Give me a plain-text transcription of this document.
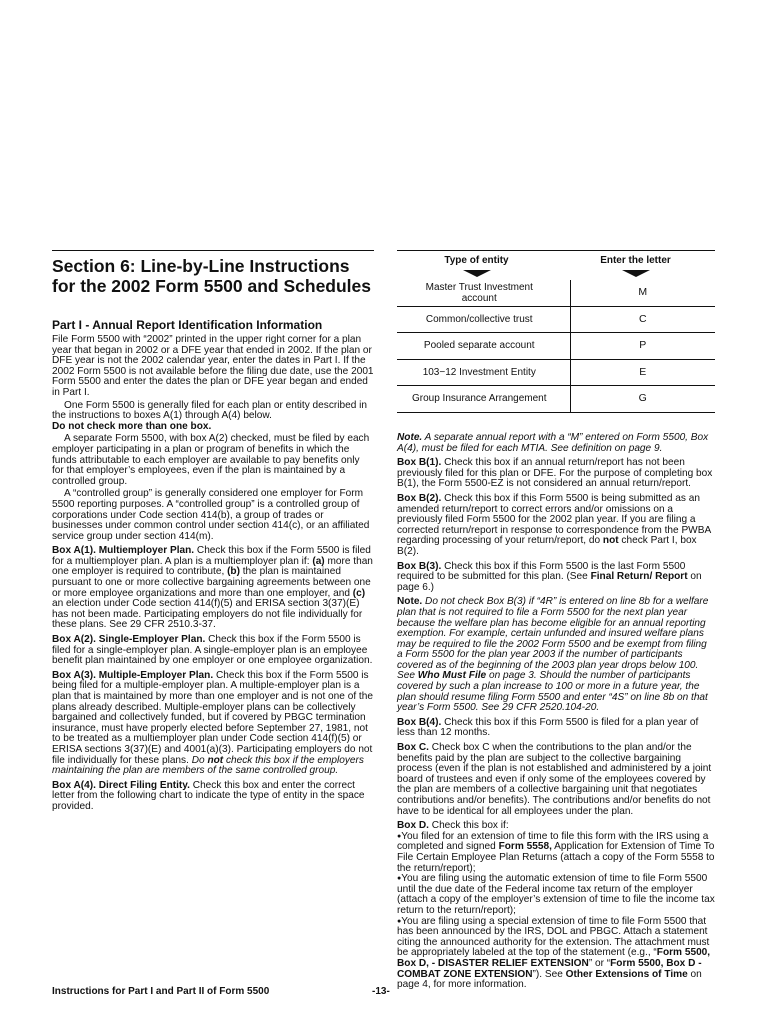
Section 6: Line-by-Line Instructions for the 2002 Form 5500 and Schedules
Part I - Annual Report Identification Information

File Form 5500 with “2002” printed in the upper right corner for a plan year that began in 2002 or a DFE year that ended in 2002. If the plan or DFE year is not the 2002 calendar year, enter the dates in Part I. If the 2002 Form 5500 is not available before the filing due date, use the 2001 Form 5500 and enter the dates the plan or DFE year began and ended in Part I.

One Form 5500 is generally filed for each plan or entity described in the instructions to boxes A(1) through A(4) below.

Do not check more than one box.

A separate Form 5500, with box A(2) checked, must be filed by each employer participating in a plan or program of benefits in which the funds attributable to each employer are available to pay benefits only for that employer’s employees, even if the plan is maintained by a controlled group.

A “controlled group” is generally considered one employer for Form 5500 reporting purposes. A “controlled group” is a controlled group of corporations under Code section 414(b), a group of trades or businesses under common control under section 414(c), or an affiliated service group under section 414(m).

Box A(1). Multiemployer Plan. Check this box if the Form 5500 is filed for a multiemployer plan. A plan is a multiemployer plan if: (a) more than one employer is required to contribute, (b) the plan is maintained pursuant to one or more collective bargaining agreements between one or more employee organizations and more than one employer, and (c) an election under Code section 414(f)(5) and ERISA section 3(37)(E) has not been made. Participating employers do not file individually for these plans. See 29 CFR 2510.3-37.

Box A(2). Single-Employer Plan. Check this box if the Form 5500 is filed for a single-employer plan. A single-employer plan is an employee benefit plan maintained by one employer or one employee organization.

Box A(3). Multiple-Employer Plan. Check this box if the Form 5500 is being filed for a multiple-employer plan. A multiple-employer plan is a plan that is maintained by more than one employer and is not one of the plans already described. Multiple-employer plans can be collectively bargained and collectively funded, but if covered by PBGC termination insurance, must have properly elected before September 27, 1981, not to be treated as a multiemployer plan under Code section 414(f)(5) or ERISA sections 3(37)(E) and 4001(a)(3). Participating employers do not file individually for these plans. Do not check this box if the employers maintaining the plan are members of the same controlled group.

Box A(4). Direct Filing Entity. Check this box and enter the correct letter from the following chart to indicate the type of entity in the space provided.

Type of entity	Enter the letter
Master Trust Investment account	M
Common/collective trust	C
Pooled separate account	P
103−12 Investment Entity	E
Group Insurance Arrangement	G

Note. A separate annual report with a “M” entered on Form 5500, Box A(4), must be filed for each MTIA. See definition on page 9.

Box B(1). Check this box if an annual return/report has not been previously filed for this plan or DFE. For the purpose of completing box B(1), the Form 5500-EZ is not considered an annual return/report.

Box B(2). Check this box if this Form 5500 is being submitted as an amended return/report to correct errors and/or omissions on a previously filed Form 5500 for the 2002 plan year. If you are filing a corrected return/report in response to correspondence from the PWBA regarding processing of your return/report, do not check Part I, box B(2).

Box B(3). Check this box if this Form 5500 is the last Form 5500 required to be submitted for this plan. (See Final Return/ Report on page 6.)

Note. Do not check Box B(3) if “4R” is entered on line 8b for a welfare plan that is not required to file a Form 5500 for the next plan year because the welfare plan has become eligible for an annual reporting exemption. For example, certain unfunded and insured welfare plans may be required to file the 2002 Form 5500 and be exempt from filing a Form 5500 for the plan year 2003 if the number of participants covered as of the beginning of the 2003 plan year drops below 100. See Who Must File on page 3. Should the number of participants covered by such a plan increase to 100 or more in a future year, the plan should resume filing Form 5500 and enter “4S” on line 8b on that year’s Form 5500. See 29 CFR 2520.104-20.

Box B(4). Check this box if this Form 5500 is filed for a plan year of less than 12 months.

Box C. Check box C when the contributions to the plan and/or the benefits paid by the plan are subject to the collective bargaining process (even if the plan is not established and administered by a joint board of trustees and even if only some of the employees covered by the plan are members of a collective bargaining unit that negotiates contributions and/or benefits). The contributions and/or benefits do not have to be identical for all employees under the plan.

Box D. Check this box if:

● You filed for an extension of time to file this form with the IRS using a completed and signed Form 5558, Application for Extension of Time To File Certain Employee Plan Returns (attach a copy of the Form 5558 to the return/report);

● You are filing using the automatic extension of time to file Form 5500 until the due date of the Federal income tax return of the employer (attach a copy of the employer’s extension of time to file the income tax return to the return/report);

● You are filing using a special extension of time to file Form 5500 that has been announced by the IRS, DOL and PBGC. Attach a statement citing the announced authority for the extension. The attachment must be appropriately labeled at the top of the statement (e.g., “Form 5500, Box D, - DISASTER RELIEF EXTENSION” or “Form 5500, Box D - COMBAT ZONE EXTENSION”). See Other Extensions of Time on page 4, for more information.

Instructions for Part I and Part II of Form 5500	-13-
